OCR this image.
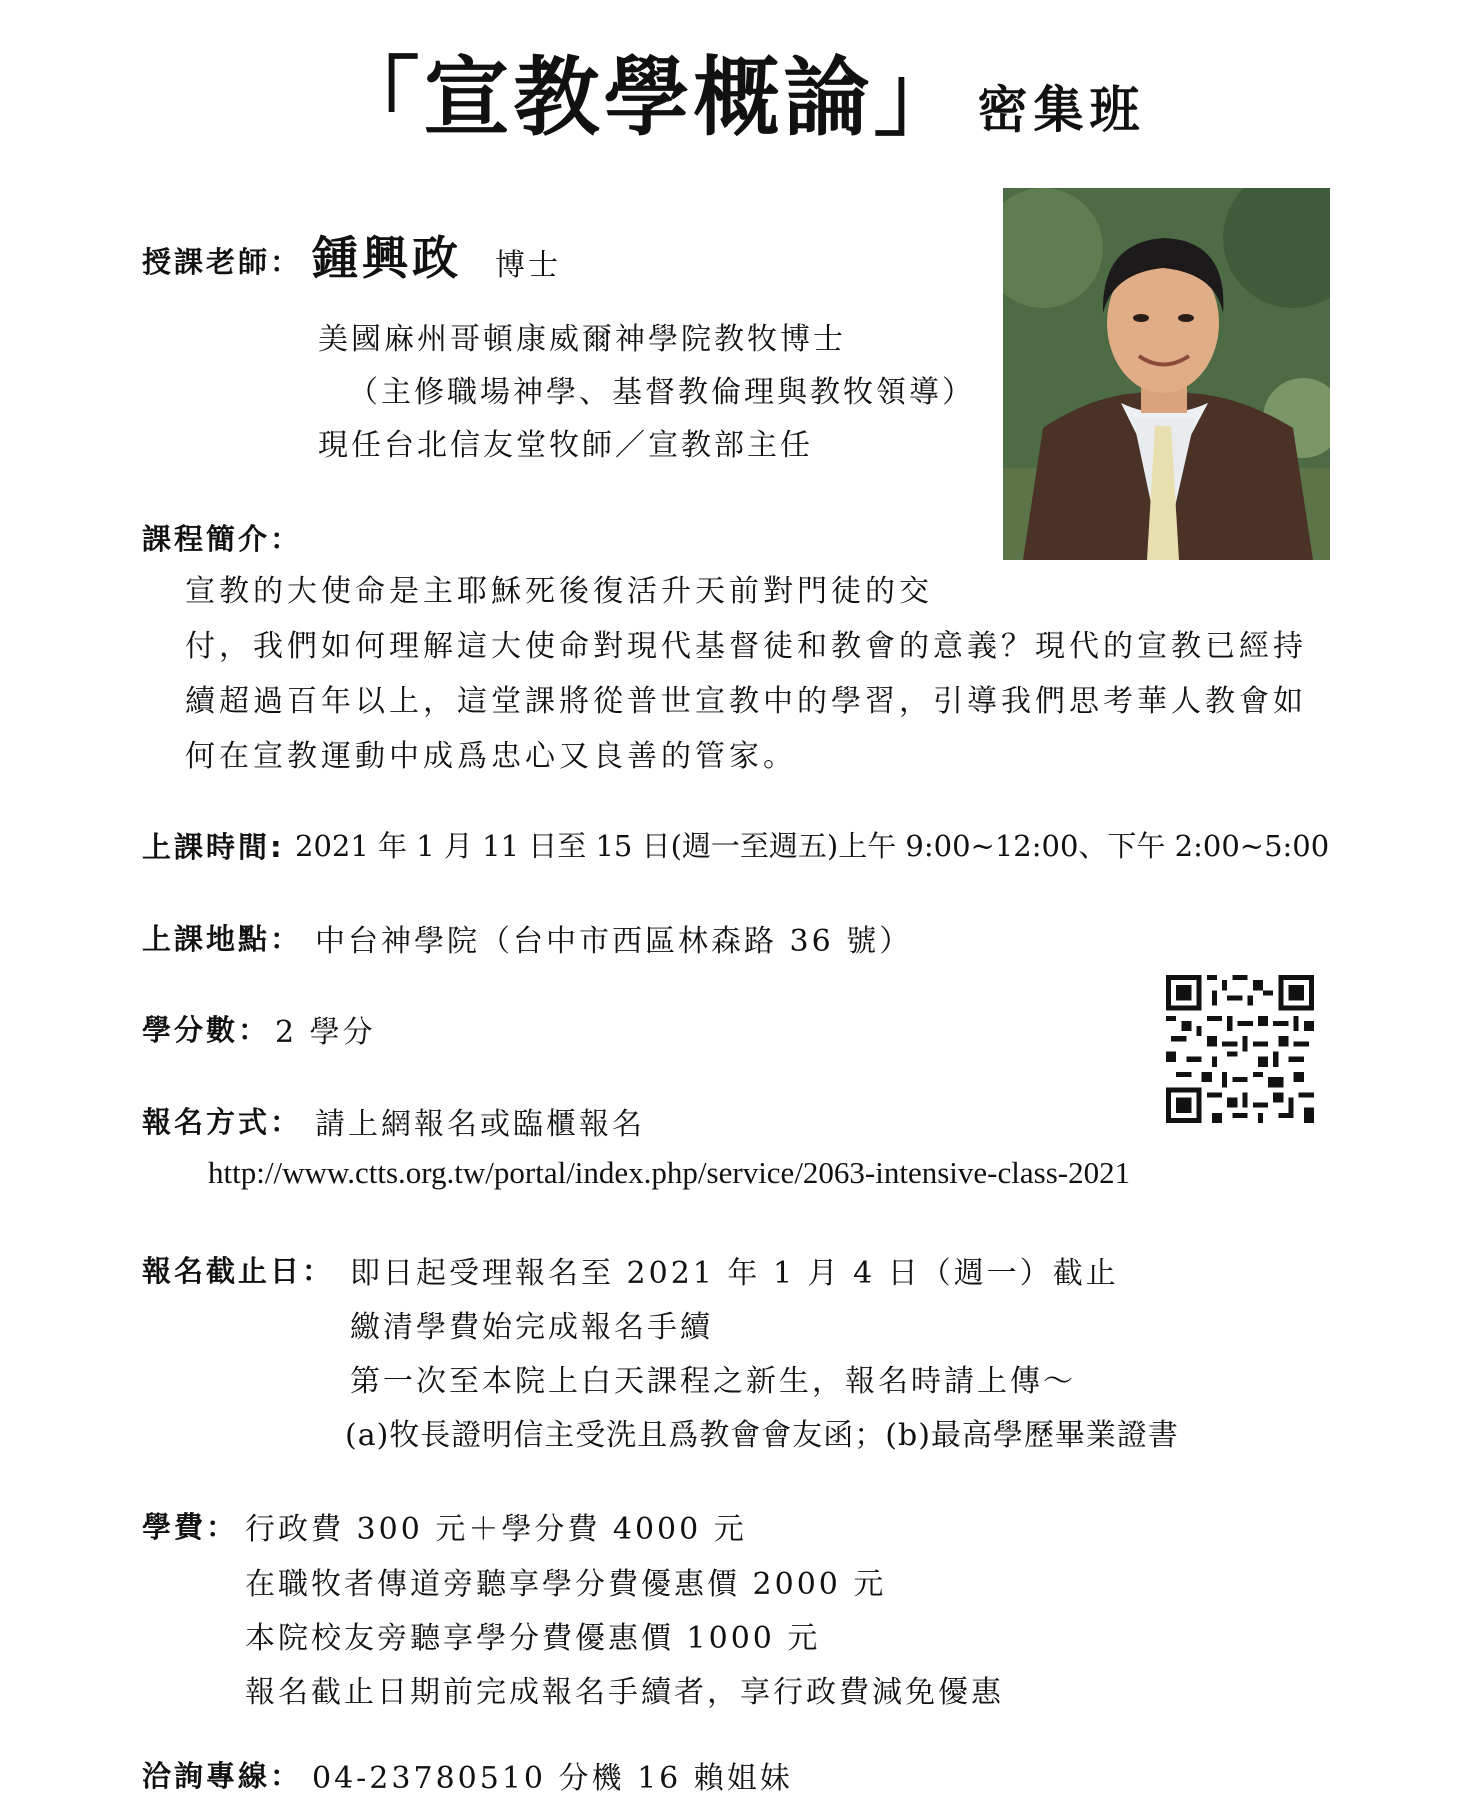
「宣教學概論」 密集班
授課老師： 鍾興政 博士
美國麻州哥頓康威爾神學院教牧博士
（主修職場神學、基督教倫理與教牧領導）
現任台北信友堂牧師／宣教部主任
課程簡介：
宣教的大使命是主耶穌死後復活升天前對門徒的交
付，我們如何理解這大使命對現代基督徒和教會的意義？現代的宣教已經持
續超過百年以上，這堂課將從普世宣教中的學習，引導我們思考華人教會如
何在宣教運動中成爲忠心又良善的管家。
上課時間: 2021 年 1 月 11 日至 15 日(週一至週五)上午 9:00~12:00、下午 2:00~5:00
上課地點： 中台神學院（台中市西區林森路 36 號）
學分數： 2 學分
報名方式： 請上網報名或臨櫃報名
http://www.ctts.org.tw/portal/index.php/service/2063-intensive-class-2021
報名截止日： 即日起受理報名至 2021 年 1 月 4 日（週一）截止
繳清學費始完成報名手續
第一次至本院上白天課程之新生，報名時請上傳～
(a)牧長證明信主受洗且爲教會會友函；(b)最高學歷畢業證書
學費： 行政費 300 元＋學分費 4000 元
在職牧者傳道旁聽享學分費優惠價 2000 元
本院校友旁聽享學分費優惠價 1000 元
報名截止日期前完成報名手續者，享行政費減免優惠
洽詢專線： 04-23780510 分機 16 賴姐妹
